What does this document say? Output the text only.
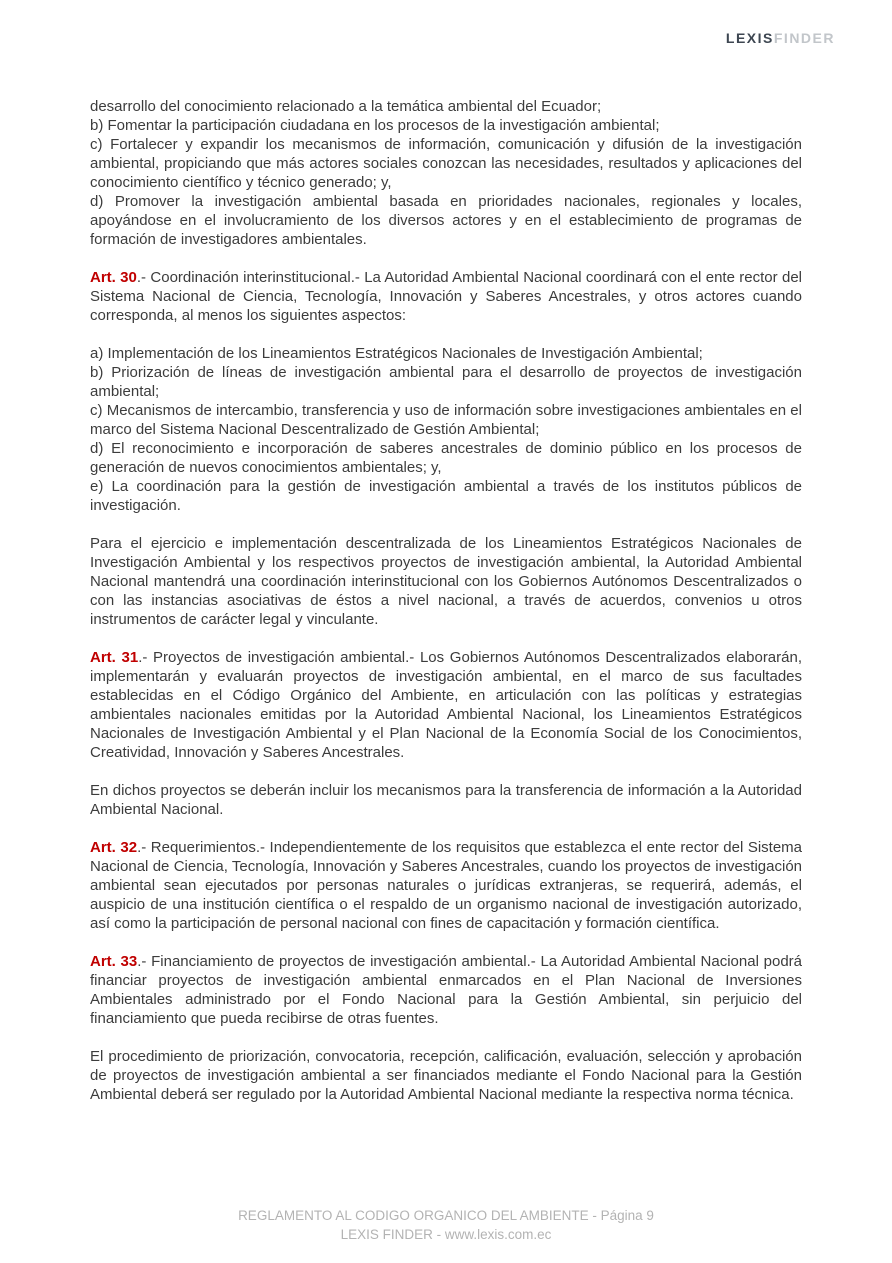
LEXISFINDER

desarrollo del conocimiento relacionado a la temática ambiental del Ecuador;

b) Fomentar la participación ciudadana en los procesos de la investigación ambiental;

c) Fortalecer y expandir los mecanismos de información, comunicación y difusión de la investigación ambiental, propiciando que más actores sociales conozcan las necesidades, resultados y aplicaciones del conocimiento científico y técnico generado; y,

d) Promover la investigación ambiental basada en prioridades nacionales, regionales y locales, apoyándose en el involucramiento de los diversos actores y en el establecimiento de programas de formación de investigadores ambientales.

Art. 30.- Coordinación interinstitucional.- La Autoridad Ambiental Nacional coordinará con el ente rector del Sistema Nacional de Ciencia, Tecnología, Innovación y Saberes Ancestrales, y otros actores cuando corresponda, al menos los siguientes aspectos:

a) Implementación de los Lineamientos Estratégicos Nacionales de Investigación Ambiental;

b) Priorización de líneas de investigación ambiental para el desarrollo de proyectos de investigación ambiental;

c) Mecanismos de intercambio, transferencia y uso de información sobre investigaciones ambientales en el marco del Sistema Nacional Descentralizado de Gestión Ambiental;

d) El reconocimiento e incorporación de saberes ancestrales de dominio público en los procesos de generación de nuevos conocimientos ambientales; y,

e) La coordinación para la gestión de investigación ambiental a través de los institutos públicos de investigación.

Para el ejercicio e implementación descentralizada de los Lineamientos Estratégicos Nacionales de Investigación Ambiental y los respectivos proyectos de investigación ambiental, la Autoridad Ambiental Nacional mantendrá una coordinación interinstitucional con los Gobiernos Autónomos Descentralizados o con las instancias asociativas de éstos a nivel nacional, a través de acuerdos, convenios u otros instrumentos de carácter legal y vinculante.

Art. 31.- Proyectos de investigación ambiental.- Los Gobiernos Autónomos Descentralizados elaborarán, implementarán y evaluarán proyectos de investigación ambiental, en el marco de sus facultades establecidas en el Código Orgánico del Ambiente, en articulación con las políticas y estrategias ambientales nacionales emitidas por la Autoridad Ambiental Nacional, los Lineamientos Estratégicos Nacionales de Investigación Ambiental y el Plan Nacional de la Economía Social de los Conocimientos, Creatividad, Innovación y Saberes Ancestrales.

En dichos proyectos se deberán incluir los mecanismos para la transferencia de información a la Autoridad Ambiental Nacional.

Art. 32.- Requerimientos.- Independientemente de los requisitos que establezca el ente rector del Sistema Nacional de Ciencia, Tecnología, Innovación y Saberes Ancestrales, cuando los proyectos de investigación ambiental sean ejecutados por personas naturales o jurídicas extranjeras, se requerirá, además, el auspicio de una institución científica o el respaldo de un organismo nacional de investigación autorizado, así como la participación de personal nacional con fines de capacitación y formación científica.

Art. 33.- Financiamiento de proyectos de investigación ambiental.- La Autoridad Ambiental Nacional podrá financiar proyectos de investigación ambiental enmarcados en el Plan Nacional de Inversiones Ambientales administrado por el Fondo Nacional para la Gestión Ambiental, sin perjuicio del financiamiento que pueda recibirse de otras fuentes.

El procedimiento de priorización, convocatoria, recepción, calificación, evaluación, selección y aprobación de proyectos de investigación ambiental a ser financiados mediante el Fondo Nacional para la Gestión Ambiental deberá ser regulado por la Autoridad Ambiental Nacional mediante la respectiva norma técnica.

REGLAMENTO AL CODIGO ORGANICO DEL AMBIENTE - Página 9
LEXIS FINDER - www.lexis.com.ec
